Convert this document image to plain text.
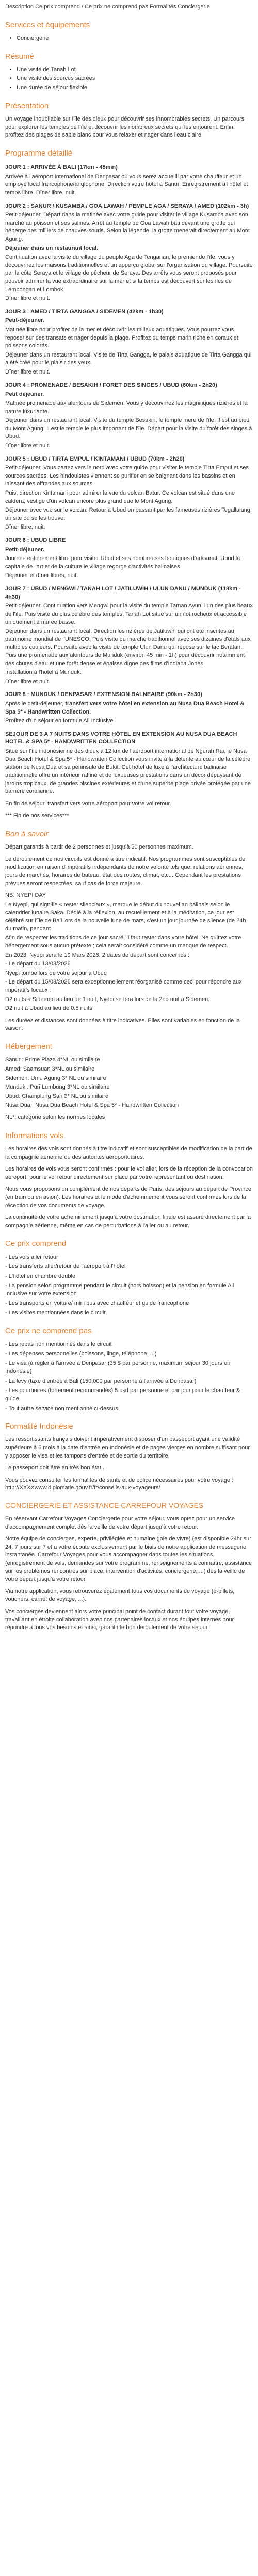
Description Ce prix comprend / Ce prix ne comprend pas Formalités Conciergerie
Services et équipements
• Conciergerie
Résumé
• Une visite de Tanah Lot
• Une visite des sources sacrées
• Une durée de séjour flexible
Présentation

Un voyage inoubliable sur l'île des dieux pour découvrir ses innombrables secrets. Un parcours pour explorer les temples de l'île et découvrir les nombreux secrets qui les entourent. Enfin, profitez des plages de sable blanc pour vous relaxer et nager dans l'eau claire.

Programme détaillé
JOUR 1 : ARRIVÉE À BALI (17km - 45min)
Arrivée à l'aéroport International de Denpasar où vous serez accueilli par votre chauffeur et un employé local francophone/anglophone. Direction votre hôtel à Sanur. Enregistrement à l'hôtel et temps libre. Dîner libre, nuit.
JOUR 2 : SANUR / KUSAMBA / GOA LAWAH / PEMPLE AGA / SERAYA / AMED (102km - 3h)
Petit-déjeuner. Départ dans la matinée avec votre guide pour visiter le village Kusamba avec son marché au poisson et ses salines. Arrêt au temple de Goa Lawah bâti devant une grotte qui héberge des milliers de chauves-souris. Selon la légende, la grotte menerait directement au Mont Agung.
Déjeuner dans un restaurant local.
Continuation avec la visite du village du peuple Aga de Tenganan, le premier de l'île, vous y découvrirez les maisons traditionnelles et un apperçu global sur l'organisation du village. Poursuite par la côte Seraya et le village de pêcheur de Seraya. Des arrêts vous seront proposés pour pouvoir admirer la vue extraordinaire sur la mer et si la temps est découvert sur les îles de Lembongan et Lombok.
Dîner libre et nuit.
JOUR 3 : AMED / TIRTA GANGGA / SIDEMEN (42km - 1h30)
Petit-déjeuner.
Matinée libre pour profiter de la mer et découvrir les milieux aquatiques. Vous pourrez vous reposer sur des transats et nager depuis la plage. Profitez du temps marin riche en coraux et poissons colorés.
Déjeuner dans un restaurant local. Visite de Tirta Gangga, le palais aquatique de Tirta Gangga qui a été créé pour le plaisir des yeux.
Dîner libre et nuit.
JOUR 4 : PROMENADE / BESAKIH / FORET DES SINGES / UBUD (60km - 2h20)
Petit déjeuner.
Matinée promenade aux alentours de Sidemen. Vous y découvrirez les magnifiques rizières et la nature luxuriante.
Déjeuner dans un restaurant local. Visite du temple Besakih, le temple mère de l'île. Il est au pied du Mont Agung. Il est le temple le plus important de l'île. Départ pour la visite du forêt des singes à Ubud.
Dîner libre et nuit.
JOUR 5 : UBUD / TIRTA EMPUL / KINTAMANI / UBUD (70km - 2h20)
Petit-déjeuner. Vous partez vers le nord avec votre guide pour visiter le temple Tirta Empul et ses sources sacrées. Les hindouistes viennent se purifier en se baignant dans les bassins et en laissant des offrandes aux sources.
Puis, direction Kintamani pour admirer la vue du volcan Batur. Ce volcan est situé dans une caldera, vestige d'un volcan encore plus grand que le Mont Agung.
Déjeuner avec vue sur le volcan. Retour à Ubud en passant par les fameuses rizières Tegallalang, un site où se les trouve.
Dîner libre, nuit.
JOUR 6 : UBUD LIBRE
Petit-déjeuner.
Journée entièrement libre pour visiter Ubud et ses nombreuses boutiques d'artisanat. Ubud la capitale de l'art et de la culture le village regorge d'activités balinaises.
Déjeuner et dîner libres, nuit.
JOUR 7 : UBUD / MENGWI / TANAH LOT / JATILUWIH / ULUN DANU / MUNDUK (118km - 4h30)
Petit-déjeuner. Continuation vers Mengwi pour la visite du temple Taman Ayun, l'un des plus beaux de l'île. Puis visite du plus célèbre des temples, Tanah Lot situé sur un îlot rocheux et accessible uniquement à marée basse.
Déjeuner dans un restaurant local. Direction les rizières de Jatiluwih qui ont été inscrites au patrimoine mondial de l'UNESCO. Puis visite du marché traditionnel avec ses dizaines d'étals aux multiples couleurs. Poursuite avec la visite de temple Ulun Danu qui repose sur le lac Beratan. Puis une promenade aux alentours de Munduk (environ 45 min - 1h) pour découvrir notamment des chutes d'eau et une forêt dense et épaisse digne des films d'Indiana Jones.
Installation à l'hôtel à Munduk.
Dîner libre et nuit.
JOUR 8 : MUNDUK / DENPASAR / EXTENSION BALNEAIRE (90km - 2h30)
Après le petit-déjeuner, transfert vers votre hôtel en extension au Nusa Dua Beach Hotel & Spa 5* - Handwritten Collection.
Profitez d'un séjour en formule All Inclusive.
SEJOUR DE 3 A 7 NUITS DANS VOTRE HÔTEL EN EXTENSION AU NUSA DUA BEACH HOTEL & SPA 5* - HANDWRITTEN COLLECTION
Situé sur l'île indonésienne des dieux à 12 km de l'aéroport international de Ngurah Rai, le Nusa Dua Beach Hotel & Spa 5* - Handwritten Collection vous invite à la détente au cœur de la célèbre station de Nusa Dua et sa péninsule de Bukit. Cet hôtel de luxe à l'architecture balinaise traditionnelle offre un intérieur raffiné et de luxueuses prestations dans un décor dépaysant de jardins tropicaux, de grandes piscines extérieures et d'une superbe plage privée protégée par une barrière coralienne.
En fin de séjour, transfert vers votre aéroport pour votre vol retour.
*** Fin de nos services***
Bon à savoir

Départ garantis à partir de 2 personnes et jusqu'à 50 personnes maximum.

Le déroulement de nos circuits est donné à titre indicatif. Nos programmes sont susceptibles de modification en raison d'impératifs indépendants de notre volonté tels que: relations aériennes, jours de marchés, horaires de bateau, état des routes, climat, etc... Cependant les prestations prévues seront respectées, sauf cas de force majeure.

NB: NYEPI DAY
Le Nyepi, qui signifie « rester silencieux », marque le début du nouvel an balinais selon le calendrier lunaire Saka. Dédié à la réflexion, au recueillement et à la méditation, ce jour est célébré sur l'île de Bali lors de la nouvelle lune de mars, c'est un jour journée de silence (de 24h du matin, pendant
Afin de respecter les traditions de ce jour sacré, il faut rester dans votre hôtel. Ne quittez votre hébergement sous aucun prétexte ; cela serait considéré comme un manque de respect.
En 2023, Nyepi sera le 19 Mars 2026. 2 dates de départ sont concernés :
- Le départ du 13/03/2026
Nyepi tombe lors de votre séjour à Ubud
- Le départ du 15/03/2026 sera exceptionnellement réorganisé comme ceci pour répondre aux impératifs locaux :
D2 nuits à Sidemen au lieu de 1 nuit, Nyepi se fera lors de la 2nd nuit à Sidemen.
D2 nuit à Ubud au lieu de 0.5 nuits

Les durées et distances sont données à titre indicatives. Elles sont variables en fonction de la saison.

Hébergement
Sanur : Prime Plaza 4*NL ou similaire
Amed: Saamsuan 3*NL ou similaire
Sidemen: Umu Agung 3* NL ou similaire
Munduk : Puri Lumbung 3*NL ou similaire
Ubud: Champlung Sari 3* NL ou similaire
Nusa Dua : Nusa Dua Beach Hotel & Spa 5* - Handwritten Collection

NL*: catégorie selon les normes locales

Informations vols

Les horaires des vols sont donnés à titre indicatif et sont susceptibles de modification de la part de la compagnie aérienne ou des autorités aéroportuaires.

Les horaires de vols vous seront confirmés : pour le vol aller, lors de la réception de la convocation aéroport, pour le vol retour directement sur place par votre représentant ou destination.

Nous vous proposons un complément de nos départs de Paris, des séjours au départ de Province (en train ou en avion). Les horaires et le mode d'acheminement vous seront confirmés lors de la réception de vos documents de voyage.

La continuité de votre acheminement jusqu'à votre destination finale est assuré directement par la compagnie aérienne, même en cas de perturbations à l'aller ou au retour.

Ce prix comprend
- Les vols aller retour
- Les transferts aller/retour de l'aéroport à l'hôtel
- L'hôtel en chambre double
- La pension selon programme pendant le circuit (hors boisson) et la pension en formule All Inclusive sur votre extension
- Les transports en voiture/ mini bus avec chauffeur et guide francophone
- Les visites mentionnées dans le circuit
Ce prix ne comprend pas
- Les repas non mentionnés dans le circuit
- Les dépenses personnelles (boissons, linge, téléphone, ...)
- Le visa (à régler à l'arrivée à Denpasar (35 $ par personne, maximum séjour 30 jours en Indonésie)
- La levy (taxe d'entrée à Bali (150.000 par personne à l'arrivée à Denpasar)
- Les pourboires (fortement recommandés) 5 usd par personne et par jour pour le chauffeur & guide
- Tout autre service non mentionné ci-dessus
Formalité Indonésie

Les ressortissants français doivent impérativement disposer d'un passeport ayant une validité supérieure à 6 mois à la date d'entrée en Indonésie et de pages vierges en nombre suffisant pour y apposer le visa et les tampons d'entrée et de sortie du territoire.

Le passeport doit être en très bon état .

Vous pouvez consulter les formalités de santé et de police nécessaires pour votre voyage : http://XXXXwww.diplomatie.gouv.fr/fr/conseils-aux-voyageurs/

CONCIERGERIE ET ASSISTANCE CARREFOUR VOYAGES

En réservant Carrefour Voyages Conciergerie pour votre séjour, vous optez pour un service d'accompagnement complet dès la veille de votre départ jusqu'à votre retour.

Notre équipe de concierges, experte, privilégiée et humaine (joie de vivre) (est disponible 24hr sur 24, 7 jours sur 7 et a votre écoute exclusivement par le biais de notre application de messagerie instantanée. Carrefour Voyages pour vous accompagner dans toutes les situations (enregistrement de vols, demandes sur votre programme, renseignements à connaître, assistance sur les problèmes rencontrés sur place, intervention d'activités, conciergerie, ...) dès la veille de votre départ jusqu'à votre retour.

Via notre application, vous retrouverez également tous vos documents de voyage (e-billets, vouchers, carnet de voyage, ...).

Vos conciergés deviennent alors votre principal point de contact durant tout votre voyage, travaillant en étroite collaboration avec nos partenaires locaux et nos équipes internes pour répondre à tous vos besoins et ainsi, garantir le bon déroulement de votre séjour.
